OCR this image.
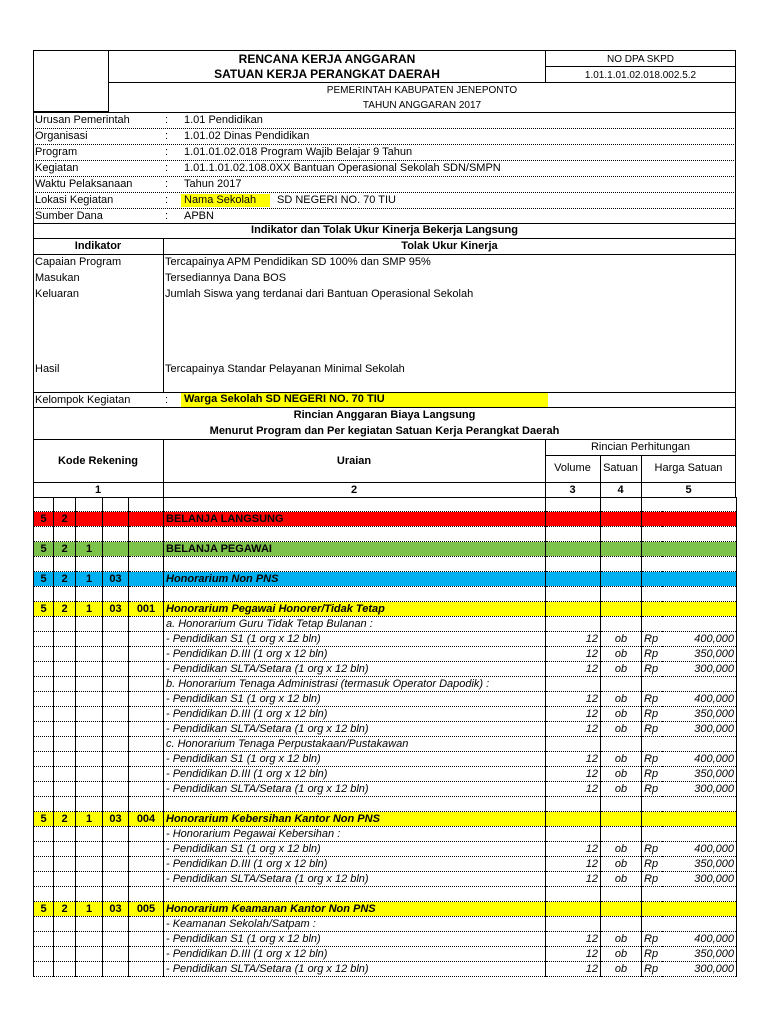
RENCANA KERJA ANGGARAN
SATUAN KERJA PERANGKAT DAERAH
NO DPA SKPD
1.01.1.01.02.018.002.5.2
PEMERINTAH KABUPATEN JENEPONTO
TAHUN ANGGARAN 2017
Urusan Pemerintah	: 1.01 Pendidikan
Organisasi	: 1.01.02 Dinas Pendidikan
Program	: 1.01.01.02.018 Program Wajib Belajar 9 Tahun
Kegiatan	: 1.01.1.01.02.108.0XX Bantuan Operasional Sekolah SDN/SMPN
Waktu Pelaksanaan	: Tahun 2017
Lokasi Kegiatan	: Nama Sekolah	SD NEGERI NO. 70 TIU
Sumber Dana	: APBN
Indikator dan Tolak Ukur Kinerja Bekerja Langsung
Indikator	Tolak Ukur Kinerja
Capaian Program	Tercapainya APM Pendidikan SD 100% dan SMP 95%
Masukan	Tersediannya Dana BOS
Keluaran	Jumlah Siswa yang terdanai dari Bantuan Operasional Sekolah
Hasil	Tercapainya Standar Pelayanan Minimal Sekolah
Kelompok Kegiatan	: Warga Sekolah SD NEGERI NO. 70 TIU
Rincian Anggaran Biaya Langsung
Menurut Program dan Per kegiatan Satuan Kerja Perangkat Daerah
Kode Rekening	Uraian
Rincian Perhitungan
Volume	Satuan	Harga Satuan
1	2	3	4	5

5	2				BELANJA LANGSUNG				

5	2	1			BELANJA PEGAWAI				

5	2	1	03		Honorarium Non PNS				

5	2	1	03	001	Honorarium Pegawai Honorer/Tidak Tetap				
					a. Honorarium Guru Tidak Tetap Bulanan :				
					- Pendidikan S1 (1 org x 12 bln)	12	ob	Rp	400,000
					- Pendidikan D.III (1 org x 12 bln)	12	ob	Rp	350,000
					- Pendidikan SLTA/Setara (1 org x 12 bln)	12	ob	Rp	300,000
					b. Honorarium Tenaga Administrasi (termasuk Operator Dapodik) :				
					- Pendidikan S1 (1 org x 12 bln)	12	ob	Rp	400,000
					- Pendidikan D.III (1 org x 12 bln)	12	ob	Rp	350,000
					- Pendidikan SLTA/Setara (1 org x 12 bln)	12	ob	Rp	300,000
					c. Honorarium Tenaga Perpustakaan/Pustakawan				
					- Pendidikan S1 (1 org x 12 bln)	12	ob	Rp	400,000
					- Pendidikan D.III (1 org x 12 bln)	12	ob	Rp	350,000
					- Pendidikan SLTA/Setara (1 org x 12 bln)	12	ob	Rp	300,000

5	2	1	03	004	Honorarium Kebersihan Kantor Non PNS				
					- Honorarium Pegawai Kebersihan :				
					- Pendidikan S1 (1 org x 12 bln)	12	ob	Rp	400,000
					- Pendidikan D.III (1 org x 12 bln)	12	ob	Rp	350,000
					- Pendidikan SLTA/Setara (1 org x 12 bln)	12	ob	Rp	300,000

5	2	1	03	005	Honorarium Keamanan Kantor Non PNS				
					- Keamanan Sekolah/Satpam :				
					- Pendidikan S1 (1 org x 12 bln)	12	ob	Rp	400,000
					- Pendidikan D.III (1 org x 12 bln)	12	ob	Rp	350,000
					- Pendidikan SLTA/Setara (1 org x 12 bln)	12	ob	Rp	300,000
